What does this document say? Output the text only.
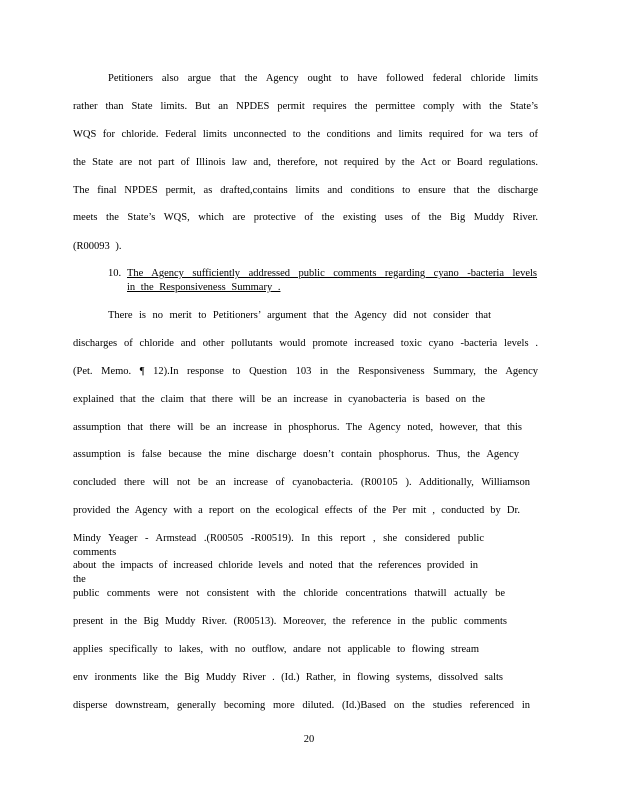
Petitioners also argue that the Agency ought to have followed federal chloride limits
rather than State limits. But an NPDES permit requires the permittee comply with the State’s
WQS for chloride. Federal limits unconnected to the conditions and limits required for wa ters of
the State are not part of Illinois law and, therefore, not required by the Act or Board regulations.
The final NPDES permit, as drafted,contains limits and conditions to ensure that the discharge
meets the State’s WQS, which are protective of the existing uses of the Big Muddy River.
(R00093 ).
10. The Agency sufficiently addressed public comments regarding cyano -bacteria levels
in the Responsiveness Summary .
There is no merit to Petitioners’ argument that the Agency did not consider that
discharges of chloride and other pollutants would promote increased toxic cyano -bacteria levels .
(Pet. Memo. ¶ 12).In response to Question 103 in the Responsiveness Summary, the Agency
explained that the claim that there will be an increase in cyanobacteria is based on the
assumption that there will be an increase in phosphorus. The Agency noted, however, that this
assumption is false because the mine discharge doesn’t contain phosphorus. Thus, the Agency
concluded there will not be an increase of cyanobacteria. (R00105 ). Additionally, Williamson
provided the Agency with a report on the ecological effects of the Per mit , conducted by Dr.
Mindy Yeager - Armstead .(R00505 -R00519). In this report , she considered public comments
about the impacts of increased chloride levels and noted that the references provided in the
public comments were not consistent with the chloride concentrations thatwill actually be
present in the Big Muddy River. (R00513). Moreover, the reference in the public comments
applies specifically to lakes, with no outflow, andare not applicable to flowing stream
env ironments like the Big Muddy River . (Id.) Rather, in flowing systems, dissolved salts
disperse downstream, generally becoming more diluted. (Id.)Based on the studies referenced in
20
